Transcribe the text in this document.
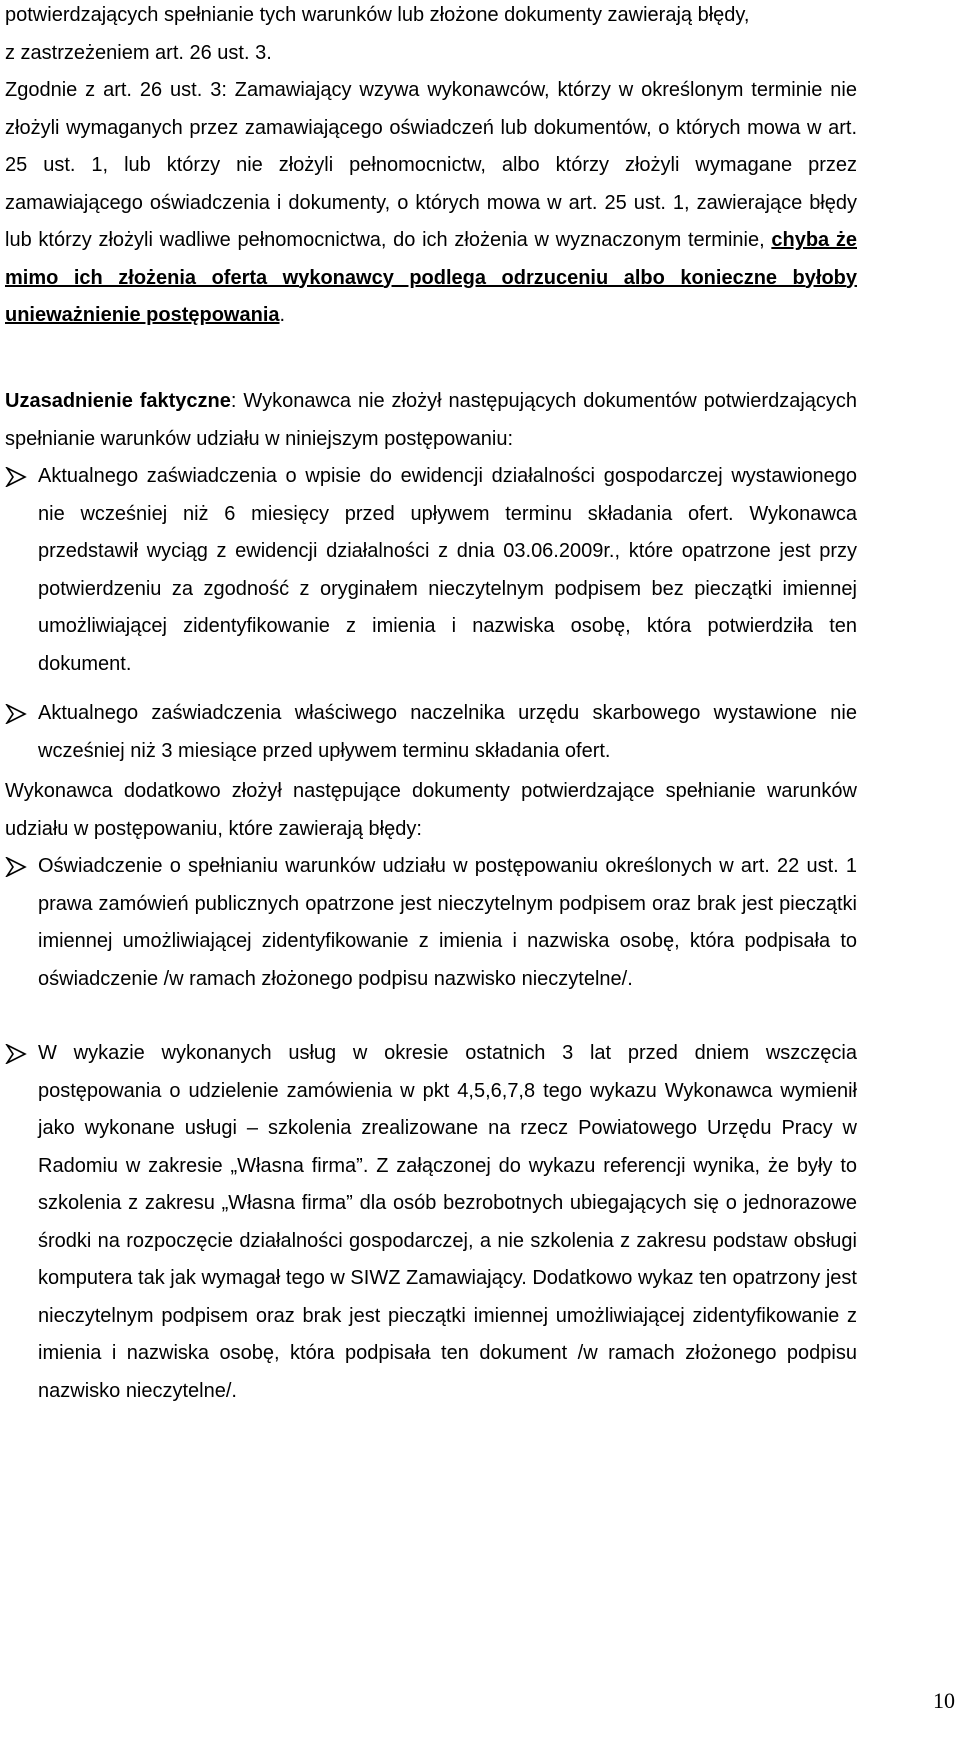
potwierdzających spełnianie tych warunków lub złożone dokumenty zawierają błędy,
z zastrzeżeniem art. 26 ust. 3.

Zgodnie z art. 26 ust. 3: Zamawiający wzywa wykonawców, którzy w określonym terminie nie złożyli wymaganych przez zamawiającego oświadczeń lub dokumentów, o których mowa w art. 25 ust. 1, lub którzy nie złożyli pełnomocnictw, albo którzy złożyli wymagane przez zamawiającego oświadczenia i dokumenty, o których mowa w art. 25 ust. 1, zawierające błędy lub którzy złożyli wadliwe pełnomocnictwa, do ich złożenia w wyznaczonym terminie, chyba że mimo ich złożenia oferta wykonawcy podlega odrzuceniu albo konieczne byłoby unieważnienie postępowania.

Uzasadnienie faktyczne: Wykonawca nie złożył następujących dokumentów potwierdzających spełnianie warunków udziału w niniejszym postępowaniu:

Aktualnego zaświadczenia o wpisie do ewidencji działalności gospodarczej wystawionego nie wcześniej niż 6 miesięcy przed upływem terminu składania ofert. Wykonawca przedstawił wyciąg z ewidencji działalności z dnia 03.06.2009r., które opatrzone jest przy potwierdzeniu za zgodność z oryginałem nieczytelnym podpisem bez pieczątki imiennej umożliwiającej zidentyfikowanie z imienia i nazwiska osobę, która potwierdziła ten dokument.
Aktualnego zaświadczenia właściwego naczelnika urzędu skarbowego wystawione nie wcześniej niż 3 miesiące przed upływem terminu składania ofert.

Wykonawca dodatkowo złożył następujące dokumenty potwierdzające spełnianie warunków udziału w postępowaniu, które zawierają błędy:

Oświadczenie o spełnianiu warunków udziału w postępowaniu określonych w art. 22 ust. 1 prawa zamówień publicznych opatrzone jest nieczytelnym podpisem oraz brak jest pieczątki imiennej umożliwiającej zidentyfikowanie z imienia i nazwiska osobę, która podpisała to oświadczenie /w ramach złożonego podpisu nazwisko nieczytelne/.
W wykazie wykonanych usług w okresie ostatnich 3 lat przed dniem wszczęcia postępowania o udzielenie zamówienia w pkt 4,5,6,7,8 tego wykazu Wykonawca wymienił jako wykonane usługi – szkolenia zrealizowane na rzecz Powiatowego Urzędu Pracy w Radomiu w zakresie „Własna firma”. Z załączonej do wykazu referencji wynika, że były to szkolenia z zakresu „Własna firma” dla osób bezrobotnych ubiegających się o jednorazowe środki na rozpoczęcie działalności gospodarczej, a nie szkolenia z zakresu podstaw obsługi komputera tak jak wymagał tego w SIWZ Zamawiający. Dodatkowo wykaz ten opatrzony jest nieczytelnym podpisem oraz brak jest pieczątki imiennej umożliwiającej zidentyfikowanie z imienia i nazwiska osobę, która podpisała ten dokument /w ramach złożonego podpisu nazwisko nieczytelne/.
10
